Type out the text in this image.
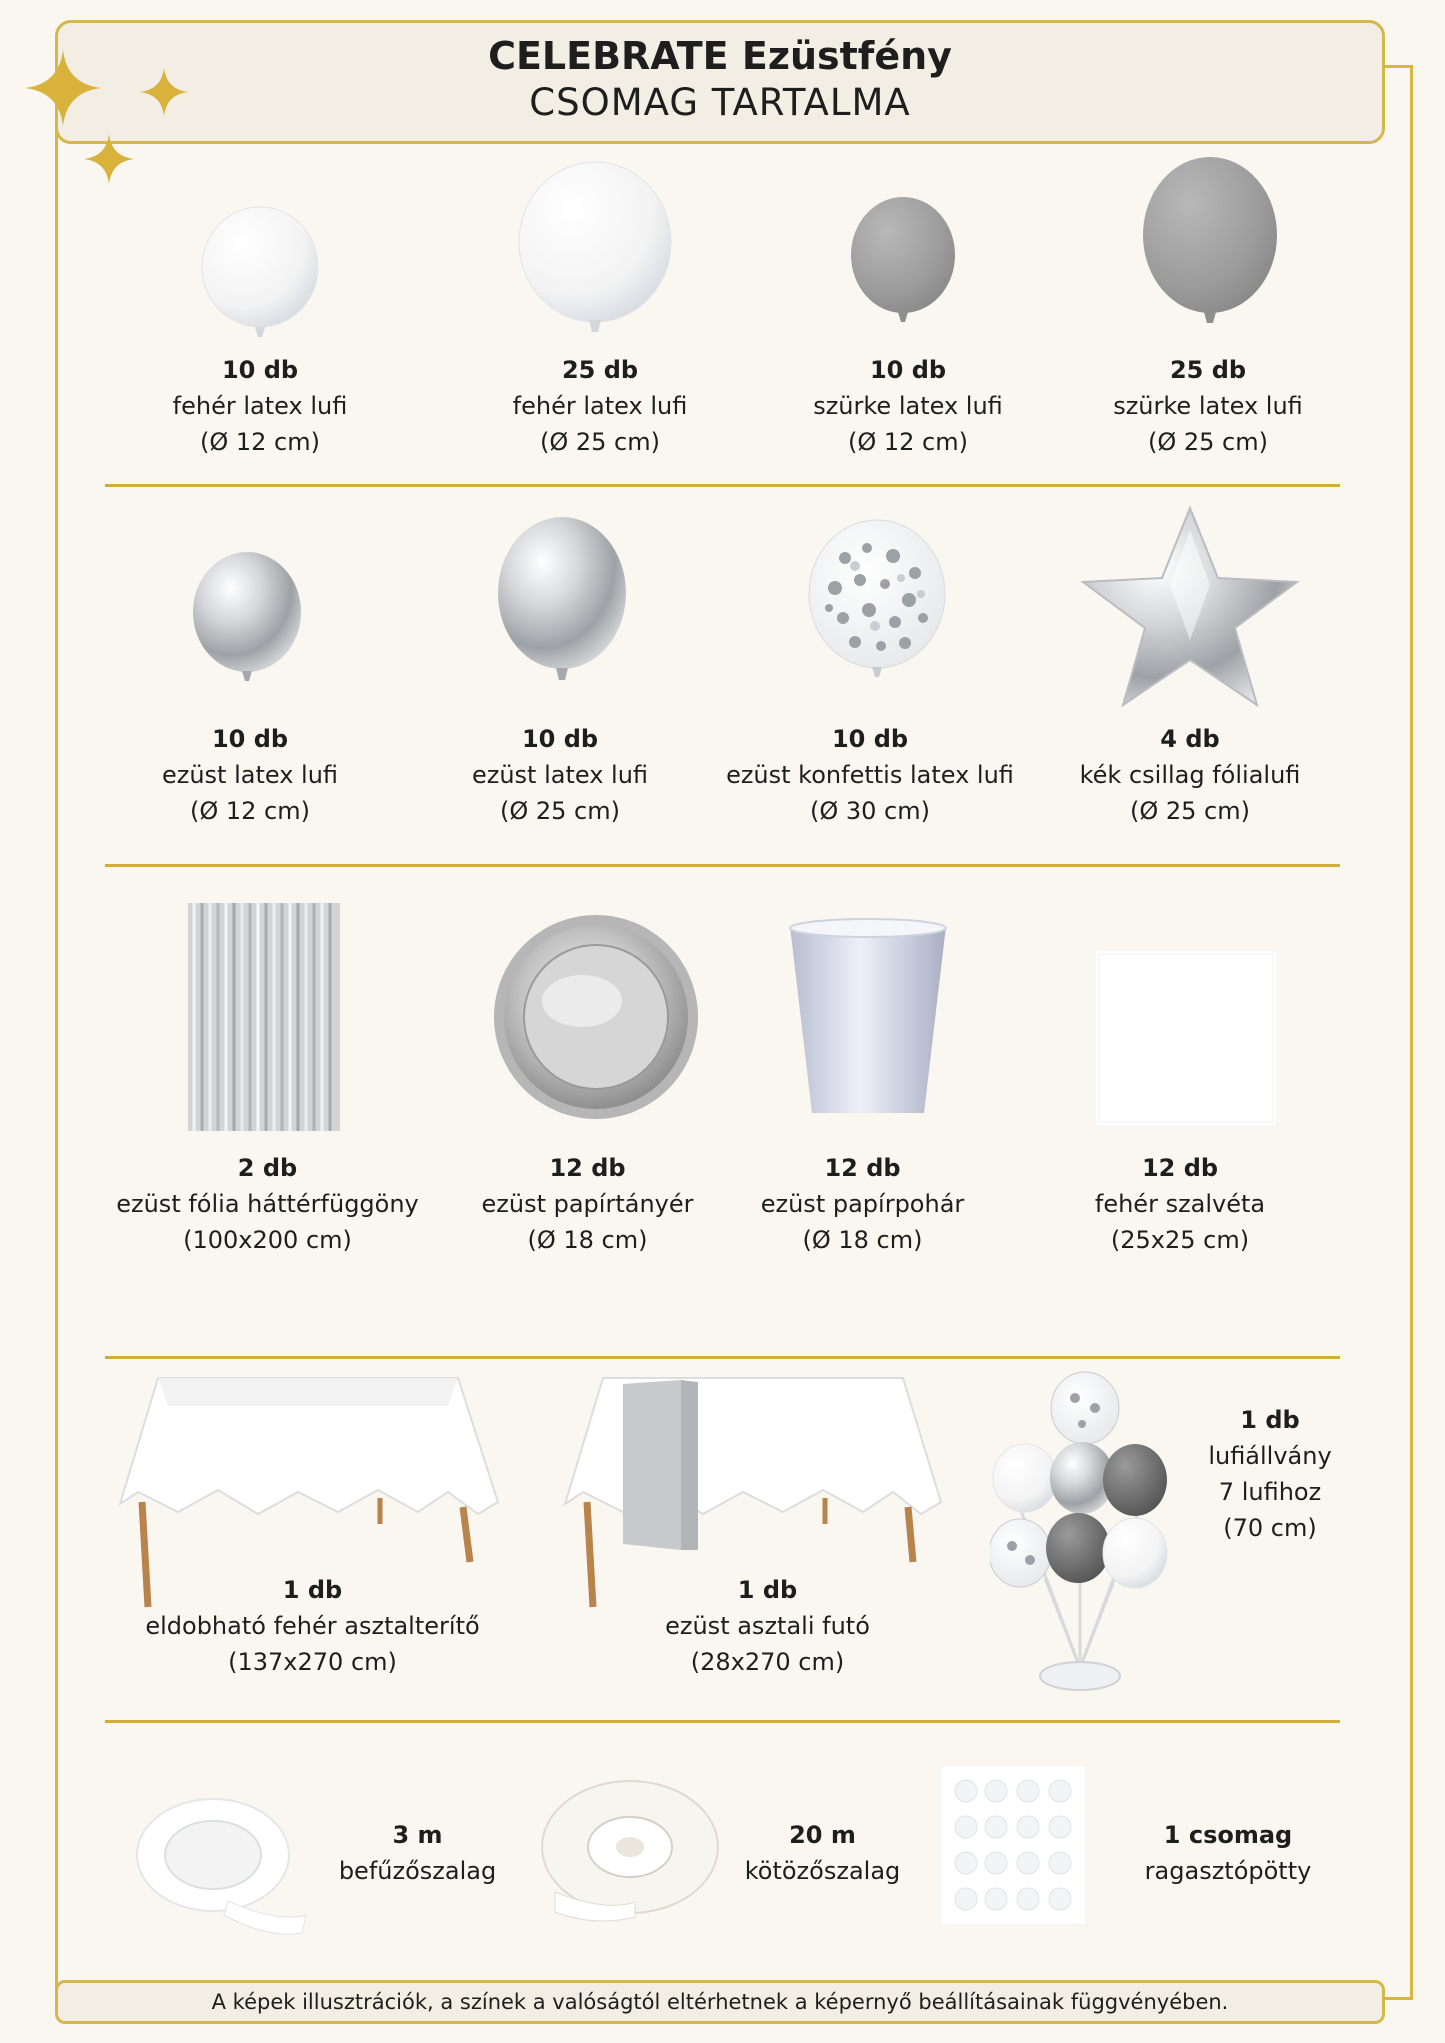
CELEBRATE Ezüstfény
CSOMAG TARTALMA
10 db
fehér latex lufi
(Ø 12 cm)
25 db
fehér latex lufi
(Ø 25 cm)
10 db
szürke latex lufi
(Ø 12 cm)
25 db
szürke latex lufi
(Ø 25 cm)
10 db
ezüst latex lufi
(Ø 12 cm)
10 db
ezüst latex lufi
(Ø 25 cm)
10 db
ezüst konfettis latex lufi
(Ø 30 cm)
4 db
kék csillag fólialufi
(Ø 25 cm)
2 db
ezüst fólia háttérfüggöny
(100x200 cm)
12 db
ezüst papírtányér
(Ø 18 cm)
12 db
ezüst papírpohár
(Ø 18 cm)
12 db
fehér szalvéta
(25x25 cm)
1 db
eldobható fehér asztalterítő
(137x270 cm)
1 db
ezüst asztali futó
(28x270 cm)
1 db
lufiállvány
7 lufihoz
(70 cm)
3 m
befűzőszalag
20 m
kötözőszalag
1 csomag
ragasztópötty
A képek illusztrációk, a színek a valóságtól eltérhetnek a képernyő beállításainak függvényében.
